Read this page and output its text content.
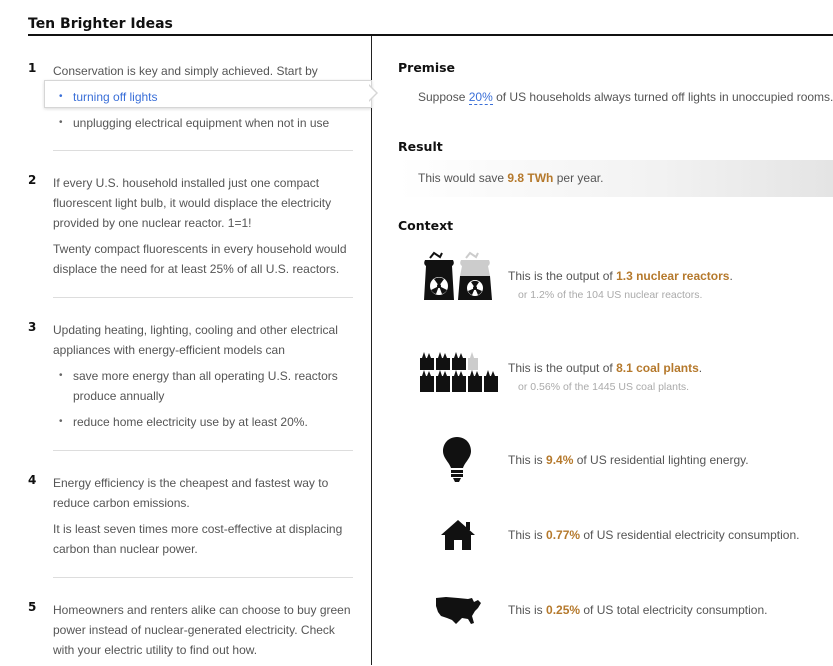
Ten Brighter Ideas
1 Conservation is key and simply achieved. Start by

• turning off lights
• unplugging electrical equipment when not in use
2 If every U.S. household installed just one compact fluorescent light bulb, it would displace the electricity provided by one nuclear reactor. 1=1!

Twenty compact fluorescents in every household would displace the need for at least 25% of all U.S. reactors.

3 Updating heating, lighting, cooling and other electrical appliances with energy-efficient models can

• save more energy than all operating U.S. reactors produce annually
• reduce home electricity use by at least 20%.
4 Energy efficiency is the cheapest and fastest way to reduce carbon emissions.

It is least seven times more cost-effective at displacing carbon than nuclear power.

5 Homeowners and renters alike can choose to buy green power instead of nuclear-generated electricity. Check with your electric utility to find out how.

Premise
Suppose 20% of US households always turned off lights in unoccupied rooms.
Result
This would save 9.8 TWh per year.
Context
This is the output of 1.3 nuclear reactors.
or 1.2% of the 104 US nuclear reactors.
This is the output of 8.1 coal plants.
or 0.56% of the 1445 US coal plants.
This is 9.4% of US residential lighting energy.
This is 0.77% of US residential electricity consumption.
This is 0.25% of US total electricity consumption.
